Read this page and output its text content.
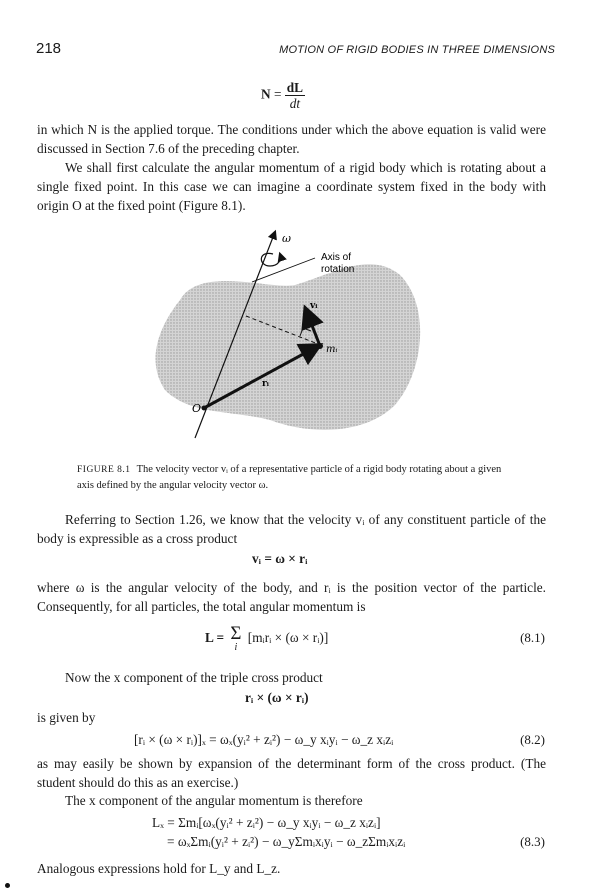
218	MOTION OF RIGID BODIES IN THREE DIMENSIONS
$N = \frac{dL}{dt}$
in which N is the applied torque. The conditions under which the above equation is valid were discussed in Section 7.6 of the preceding chapter.
We shall first calculate the angular momentum of a rigid body which is rotating about a single fixed point. In this case we can imagine a coordinate system fixed in the body with origin O at the fixed point (Figure 8.1).
ω
Axis of
rotation
vᵢ
mᵢ
rᵢ
O
FIGURE 8.1 The velocity vector vᵢ of a representative particle of a rigid body rotating about a given axis defined by the angular velocity vector ω.
Referring to Section 1.26, we know that the velocity vᵢ of any constituent particle of the body is expressible as a cross product
vᵢ = ω × rᵢ
where ω is the angular velocity of the body, and rᵢ is the position vector of the particle. Consequently, for all particles, the total angular momentum is
L = Σ
i
[mᵢrᵢ × (ω × rᵢ)]	(8.1)
Now the x component of the triple cross product
rᵢ × (ω × rᵢ)
is given by
[rᵢ × (ω × rᵢ)]ₓ = ωₓ(yᵢ² + zᵢ²) − ω_y xᵢyᵢ − ω_z xᵢzᵢ	(8.2)
as may easily be shown by expansion of the determinant form of the cross product. (The student should do this as an exercise.)
The x component of the angular momentum is therefore
Lₓ = Σmᵢ[ωₓ(yᵢ² + zᵢ²) − ω_y xᵢyᵢ − ω_z xᵢzᵢ]
= ωₓΣmᵢ(yᵢ² + zᵢ²) − ω_yΣmᵢxᵢyᵢ − ω_zΣmᵢxᵢzᵢ	(8.3)
Analogous expressions hold for L_y and L_z.
